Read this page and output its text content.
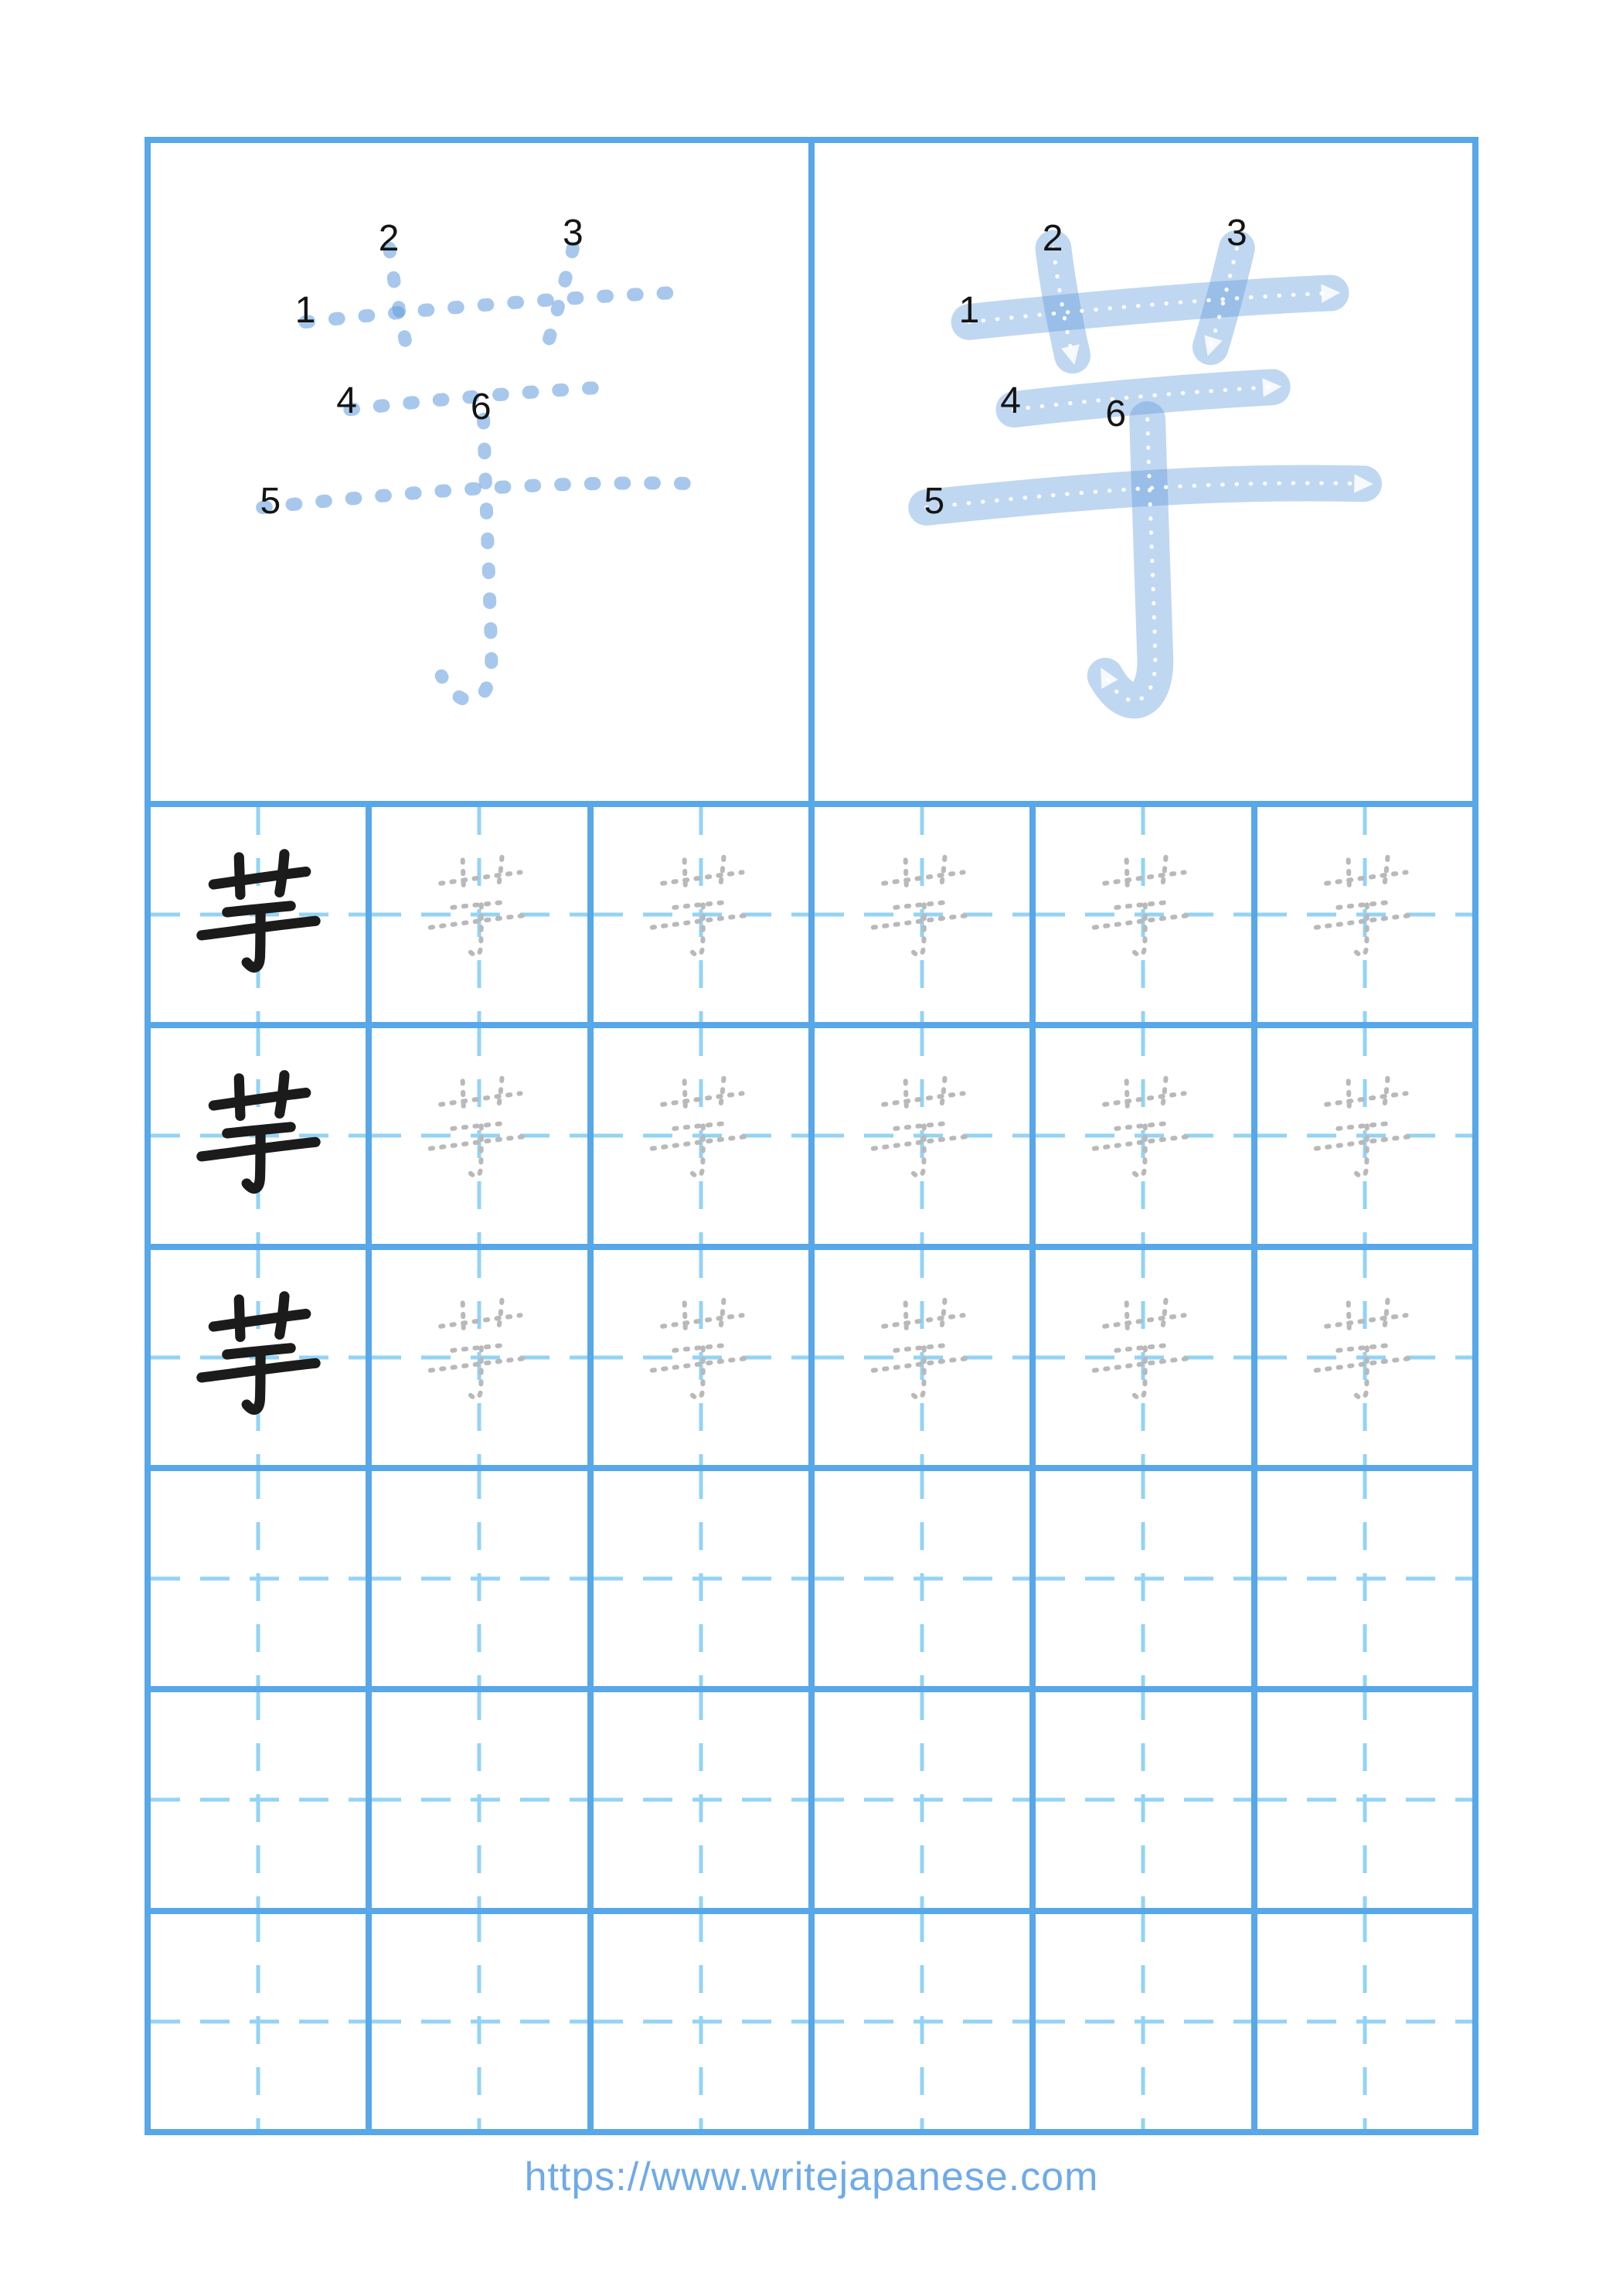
1
2	3
4
5
6
1
2	3
4
5
6
https://www.writejapanese.com
